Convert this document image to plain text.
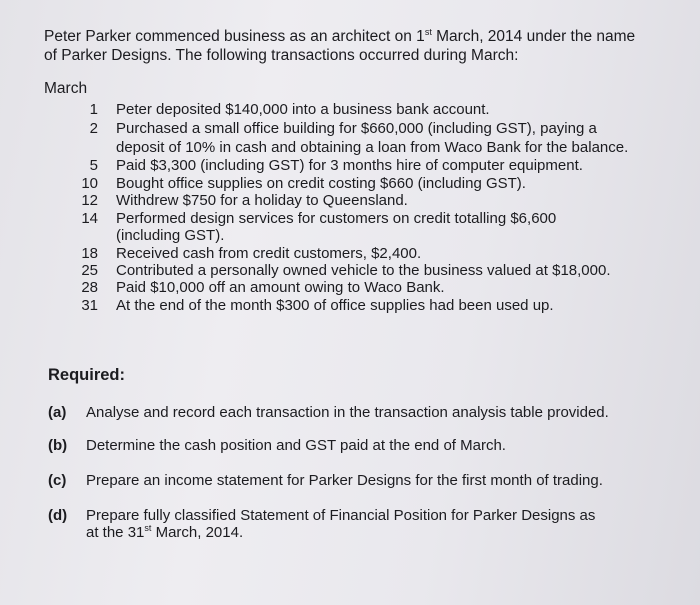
Peter Parker commenced business as an architect on 1st March, 2014 under the name
of Parker Designs. The following transactions occurred during March:
March
1 Peter deposited $140,000 into a business bank account.
2 Purchased a small office building for $660,000 (including GST), paying a
deposit of 10% in cash and obtaining a loan from Waco Bank for the balance.
5 Paid $3,300 (including GST) for 3 months hire of computer equipment.
10 Bought office supplies on credit costing $660 (including GST).
12 Withdrew $750 for a holiday to Queensland.
14 Performed design services for customers on credit totalling $6,600
(including GST).
18 Received cash from credit customers, $2,400.
25 Contributed a personally owned vehicle to the business valued at $18,000.
28 Paid $10,000 off an amount owing to Waco Bank.
31 At the end of the month $300 of office supplies had been used up.
Required:
(a) Analyse and record each transaction in the transaction analysis table provided.
(b) Determine the cash position and GST paid at the end of March.
(c) Prepare an income statement for Parker Designs for the first month of trading.
(d) Prepare fully classified Statement of Financial Position for Parker Designs as
at the 31st March, 2014.
